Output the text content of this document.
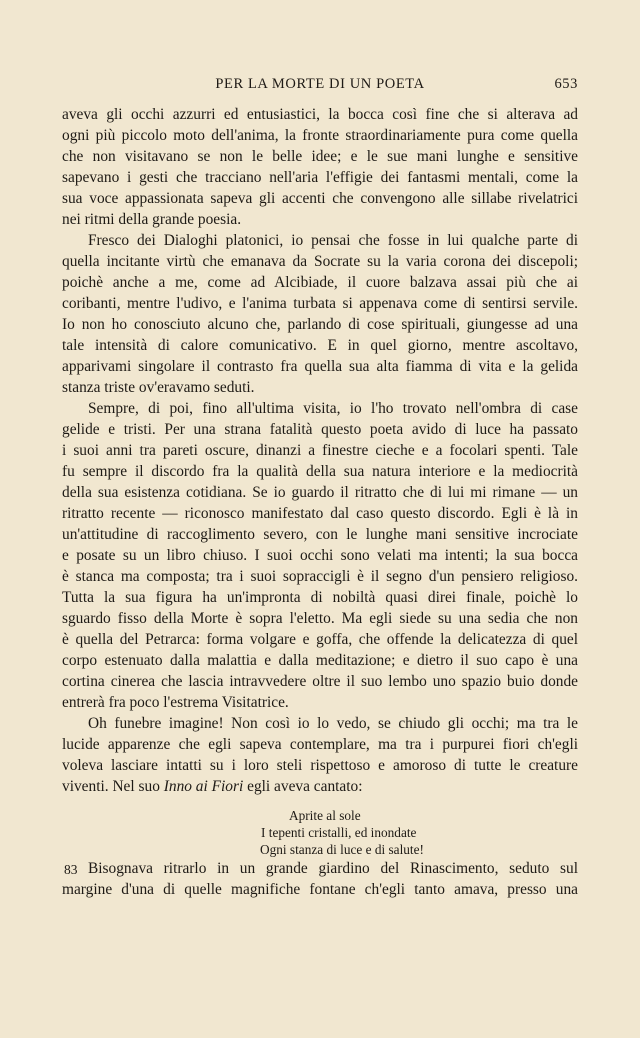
PER LA MORTE DI UN POETA	653

aveva gli occhi azzurri ed entusiastici, la bocca così fine che si alterava ad
ogni più piccolo moto dell'anima, la fronte straordinariamente pura come quella
che non visitavano se non le belle idee; e le sue mani lunghe e sensitive
sapevano i gesti che tracciano nell'aria l'effigie dei fantasmi mentali, come la
sua voce appassionata sapeva gli accenti che convengono alle sillabe rivelatrici
nei ritmi della grande poesia.

Fresco dei Dialoghi platonici, io pensai che fosse in lui qualche parte di
quella incitante virtù che emanava da Socrate su la varia corona dei discepoli;
poichè anche a me, come ad Alcibiade, il cuore balzava assai più che ai
coribanti, mentre l'udivo, e l'anima turbata si appenava come di sentirsi servile.
Io non ho conosciuto alcuno che, parlando di cose spirituali, giungesse ad una
tale intensità di calore comunicativo. E in quel giorno, mentre ascoltavo,
apparivami singolare il contrasto fra quella sua alta fiamma di vita e la gelida
stanza triste ov'eravamo seduti.

Sempre, di poi, fino all'ultima visita, io l'ho trovato nell'ombra di case
gelide e tristi. Per una strana fatalità questo poeta avido di luce ha passato
i suoi anni tra pareti oscure, dinanzi a finestre cieche e a focolari spenti. Tale
fu sempre il discordo fra la qualità della sua natura interiore e la mediocrità
della sua esistenza cotidiana. Se io guardo il ritratto che di lui mi rimane — un
ritratto recente — riconosco manifestato dal caso questo discordo. Egli è là in
un'attitudine di raccoglimento severo, con le lunghe mani sensitive incrociate
e posate su un libro chiuso. I suoi occhi sono velati ma intenti; la sua bocca
è stanca ma composta; tra i suoi sopraccigli è il segno d'un pensiero religioso.
Tutta la sua figura ha un'impronta di nobiltà quasi direi finale, poichè lo
sguardo fisso della Morte è sopra l'eletto. Ma egli siede su una sedia che non
è quella del Petrarca: forma volgare e goffa, che offende la delicatezza di quel
corpo estenuato dalla malattia e dalla meditazione; e dietro il suo capo è una
cortina cinerea che lascia intravvedere oltre il suo lembo uno spazio buio donde
entrerà fra poco l'estrema Visitatrice.

Oh funebre imagine! Non così io lo vedo, se chiudo gli occhi; ma tra le
lucide apparenze che egli sapeva contemplare, ma tra i purpurei fiori ch'egli
voleva lasciare intatti su i loro steli rispettoso e amoroso di tutte le creature
viventi. Nel suo Inno ai Fiori egli aveva cantato:

Aprite al sole
I tepenti cristalli, ed inondate
Ogni stanza di luce e di salute!

Bisognava ritrarlo in un grande giardino del Rinascimento, seduto sul
margine d'una di quelle magnifiche fontane ch'egli tanto amava, presso una

83
